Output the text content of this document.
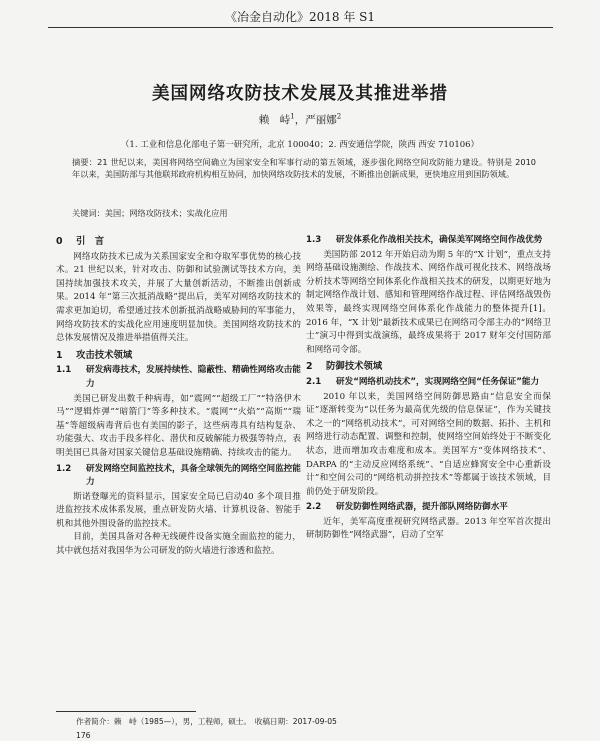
《冶金自动化》2018 年 S1
美国网络攻防技术发展及其推进举措
赖　峙$^1$，严丽娜$^2$
（1. 工业和信息化部电子第一研究所，北京 100040；2. 西安通信学院，陕西 西安 710106）
摘要：21 世纪以来，美国将网络空间确立为国家安全和军事行动的第五领域，逐步强化网络空间攻防能力建设。特别是 2010 年以来，美国防部与其他联邦政府机构相互协同，加快网络攻防技术的发展，不断推出创新成果，更快地应用到国防领域。
关键词：美国；网络攻防技术；实战化应用
0 引　言

网络攻防技术已成为关系国家安全和夺取军事优势的核心技术。21 世纪以来，针对攻击、防御和试验测试等技术方向，美国持续加强技术攻关，并展了大量创新活动，不断推出创新成果。2014 年“第三次抵消战略”提出后，美军对网络攻防技术的需求更加迫切，希望通过技术创新抵消战略威胁间的军事能力，网络攻防技术的实战化应用速度明显加快。美国网络攻防技术的总体发展情况及推进举措值得关注。

1 攻击技术领域
1.1 研发病毒技术，发展持续性、隐蔽性、精确性网络攻击能力

美国已研发出数千种病毒，如“震网”“超级工厂”“特洛伊木马”“逻辑炸弹”“暗箭门”等多种技术。“震网”“火焰”“高斯”“瑞基”等超级病毒背后也有美国的影子，这些病毒具有结构复杂、功能强大、攻击手段多样化、潜伏和反破解能力极强等特点，表明美国已具备对国家关键信息基础设施精确、持续攻击的能力。

1.2 研发网络空间监控技术，具备全球领先的网络空间监控能力

斯诺登曝光的资料显示，国家安全局已启动40 多个项目推进监控技术成体系发展，重点研发防火墙、计算机设备、智能手机和其他外围设备的监控技术。

目前，美国具备对各种无线硬件设备实施全面监控的能力，其中就包括对我国华为公司研发的防火墙进行渗透和监控。

1.3 研发体系化作战相关技术，确保美军网络空间作战优势

美国防部 2012 年开始启动为期 5 年的“X 计划”，重点支持网络基础设施测绘、作战技术、网络作战可视化技术、网络战场分析技术等网络空间体系化作战相关技术的研发，以期更好地为制定网络作战计划、感知和管理网络作战过程、评估网络战毁伤效果等，最终实现网络空间体系化作战能力的整体提升[1]。2016 年，“X 计划”最新技术成果已在网络司令部主办的“网络卫士”演习中得到实战演练，最终成果将于 2017 财年交付国防部和网络司令部。

2 防御技术领域
2.1 研发“网络机动技术”，实现网络空间“任务保证”能力

2010 年以来，美国网络空间防御思路由“信息安全而保证”逐渐转变为“以任务为最高优先级的信息保证”，作为关键技术之一的“网络机动技术”，可对网络空间的数据、拓扑、主机和网络进行动态配置、调整和控制，使网络空间始终处于不断变化状态，进而增加攻击难度和成本。美国军方“变体网络技术”、DARPA 的“主动反应网络系统”、“自适应蜂窝安全中心重新设计”和空间公司的“网络机动拼控技术”等都属于该技术领域，目前仍处于研发阶段。

2.2 研发防御性网络武器，提升部队网络防御水平

近年，美军高度重视研究网络武器。2013 年空军首次提出研制防御性“网络武器”，启动了空军

作者简介：赖　峙（1985—），男，工程师，硕士。　收稿日期：2017-09-05
176
